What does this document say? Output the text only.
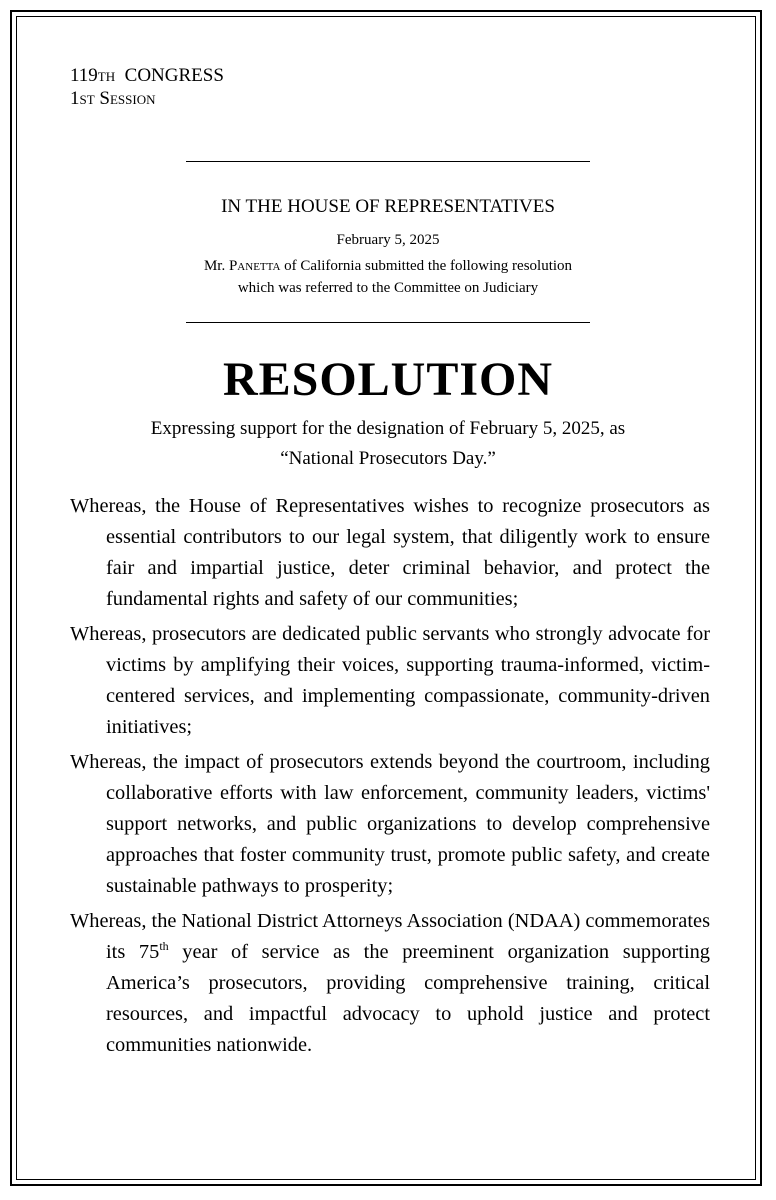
119th CONGRESS
1st Session
IN THE HOUSE OF REPRESENTATIVES
February 5, 2025
Mr. Panetta of California submitted the following resolution
which was referred to the Committee on Judiciary
RESOLUTION
Expressing support for the designation of February 5, 2025, as
“National Prosecutors Day.”

Whereas, the House of Representatives wishes to recognize prosecutors as essential contributors to our legal system, that diligently work to ensure fair and impartial justice, deter criminal behavior, and protect the fundamental rights and safety of our communities;

Whereas, prosecutors are dedicated public servants who strongly advocate for victims by amplifying their voices, supporting trauma-informed, victim-centered services, and implementing compassionate, community-driven initiatives;

Whereas, the impact of prosecutors extends beyond the courtroom, including collaborative efforts with law enforcement, community leaders, victims' support networks, and public organizations to develop comprehensive approaches that foster community trust, promote public safety, and create sustainable pathways to prosperity;

Whereas, the National District Attorneys Association (NDAA) commemorates its 75th year of service as the preeminent organization supporting America’s prosecutors, providing comprehensive training, critical resources, and impactful advocacy to uphold justice and protect communities nationwide.
